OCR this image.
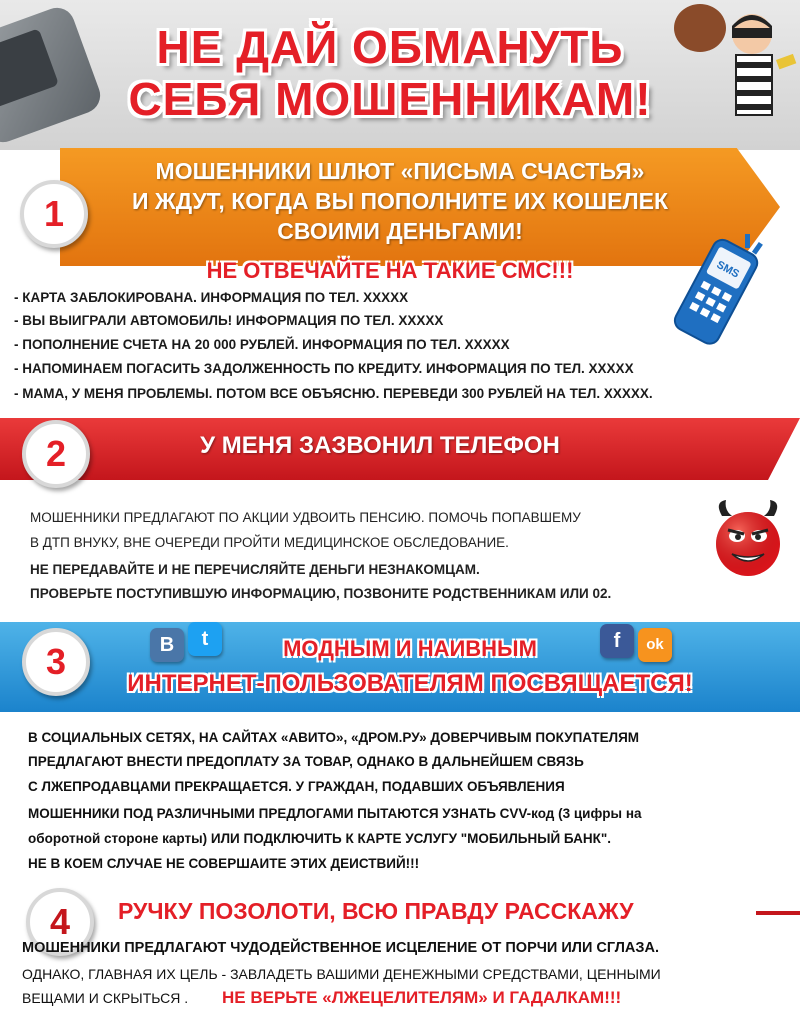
НЕ ДАЙ ОБМАНУТЬ
СЕБЯ МОШЕННИКАМ!
МОШЕННИКИ ШЛЮТ «ПИСЬМА СЧАСТЬЯ»
И ЖДУТ, КОГДА ВЫ ПОПОЛНИТЕ ИХ КОШЕЛЕК
СВОИМИ ДЕНЬГАМИ!
1
НЕ ОТВЕЧАЙТЕ НА ТАКИЕ СМС!!!
- КАРТА ЗАБЛОКИРОВАНА. ИНФОРМАЦИЯ ПО ТЕЛ. XXXXX
- ВЫ ВЫИГРАЛИ АВТОМОБИЛЬ! ИНФОРМАЦИЯ ПО ТЕЛ. XXXXX
- ПОПОЛНЕНИЕ СЧЕТА НА 20 000 РУБЛЕЙ. ИНФОРМАЦИЯ ПО ТЕЛ. XXXXX
- НАПОМИНАЕМ ПОГАСИТЬ ЗАДОЛЖЕННОСТЬ ПО КРЕДИТУ. ИНФОРМАЦИЯ ПО ТЕЛ. XXXXX
- МАМА, У МЕНЯ ПРОБЛЕМЫ. ПОТОМ ВСЕ ОБЪЯСНЮ. ПЕРЕВЕДИ 300 РУБЛЕЙ НА ТЕЛ. XXXXX.
SMS
2	У МЕНЯ ЗАЗВОНИЛ ТЕЛЕФОН
МОШЕННИКИ ПРЕДЛАГАЮТ ПО АКЦИИ УДВОИТЬ ПЕНСИЮ. ПОМОЧЬ ПОПАВШЕМУ
В ДТП ВНУКУ, ВНЕ ОЧЕРЕДИ ПРОЙТИ МЕДИЦИНСКОЕ ОБСЛЕДОВАНИЕ.
НЕ ПЕРЕДАВАЙТЕ И НЕ ПЕРЕЧИСЛЯЙТЕ ДЕНЬГИ НЕЗНАКОМЦАМ.
ПРОВЕРЬТЕ ПОСТУПИВШУЮ ИНФОРМАЦИЮ, ПОЗВОНИТЕ РОДСТВЕННИКАМ ИЛИ 02.
3	B	t	f	ok
МОДНЫМ И НАИВНЫМ
ИНТЕРНЕТ-ПОЛЬЗОВАТЕЛЯМ ПОСВЯЩАЕТСЯ!
В СОЦИАЛЬНЫХ СЕТЯХ, НА САЙТАХ «АВИТО», «ДРОМ.РУ» ДОВЕРЧИВЫМ ПОКУПАТЕЛЯМ
ПРЕДЛАГАЮТ ВНЕСТИ ПРЕДОПЛАТУ ЗА ТОВАР, ОДНАКО В ДАЛЬНЕЙШЕМ СВЯЗЬ
С ЛЖЕПРОДАВЦАМИ ПРЕКРАЩАЕТСЯ. У ГРАЖДАН, ПОДАВШИХ ОБЪЯВЛЕНИЯ
МОШЕННИКИ ПОД РАЗЛИЧНЫМИ ПРЕДЛОГАМИ ПЫТАЮТСЯ УЗНАТЬ CVV-код (3 цифры на
оборотной стороне карты) ИЛИ ПОДКЛЮЧИТЬ К КАРТЕ УСЛУГУ "МОБИЛЬНЫЙ БАНК".
НЕ В КОЕМ СЛУЧАЕ НЕ СОВЕРШАИТЕ ЭТИХ ДЕИСТВИЙ!!!
4	РУЧКУ ПОЗОЛОТИ, ВСЮ ПРАВДУ РАССКАЖУ
МОШЕННИКИ ПРЕДЛАГАЮТ ЧУДОДЕЙСТВЕННОЕ ИСЦЕЛЕНИЕ ОТ ПОРЧИ ИЛИ СГЛАЗА.
ОДНАКО, ГЛАВНАЯ ИХ ЦЕЛЬ - ЗАВЛАДЕТЬ ВАШИМИ ДЕНЕЖНЫМИ СРЕДСТВАМИ, ЦЕННЫМИ
ВЕЩАМИ И СКРЫТЬСЯ . НЕ ВЕРЬТЕ «ЛЖЕЦЕЛИТЕЛЯМ» И ГАДАЛКАМ!!!
